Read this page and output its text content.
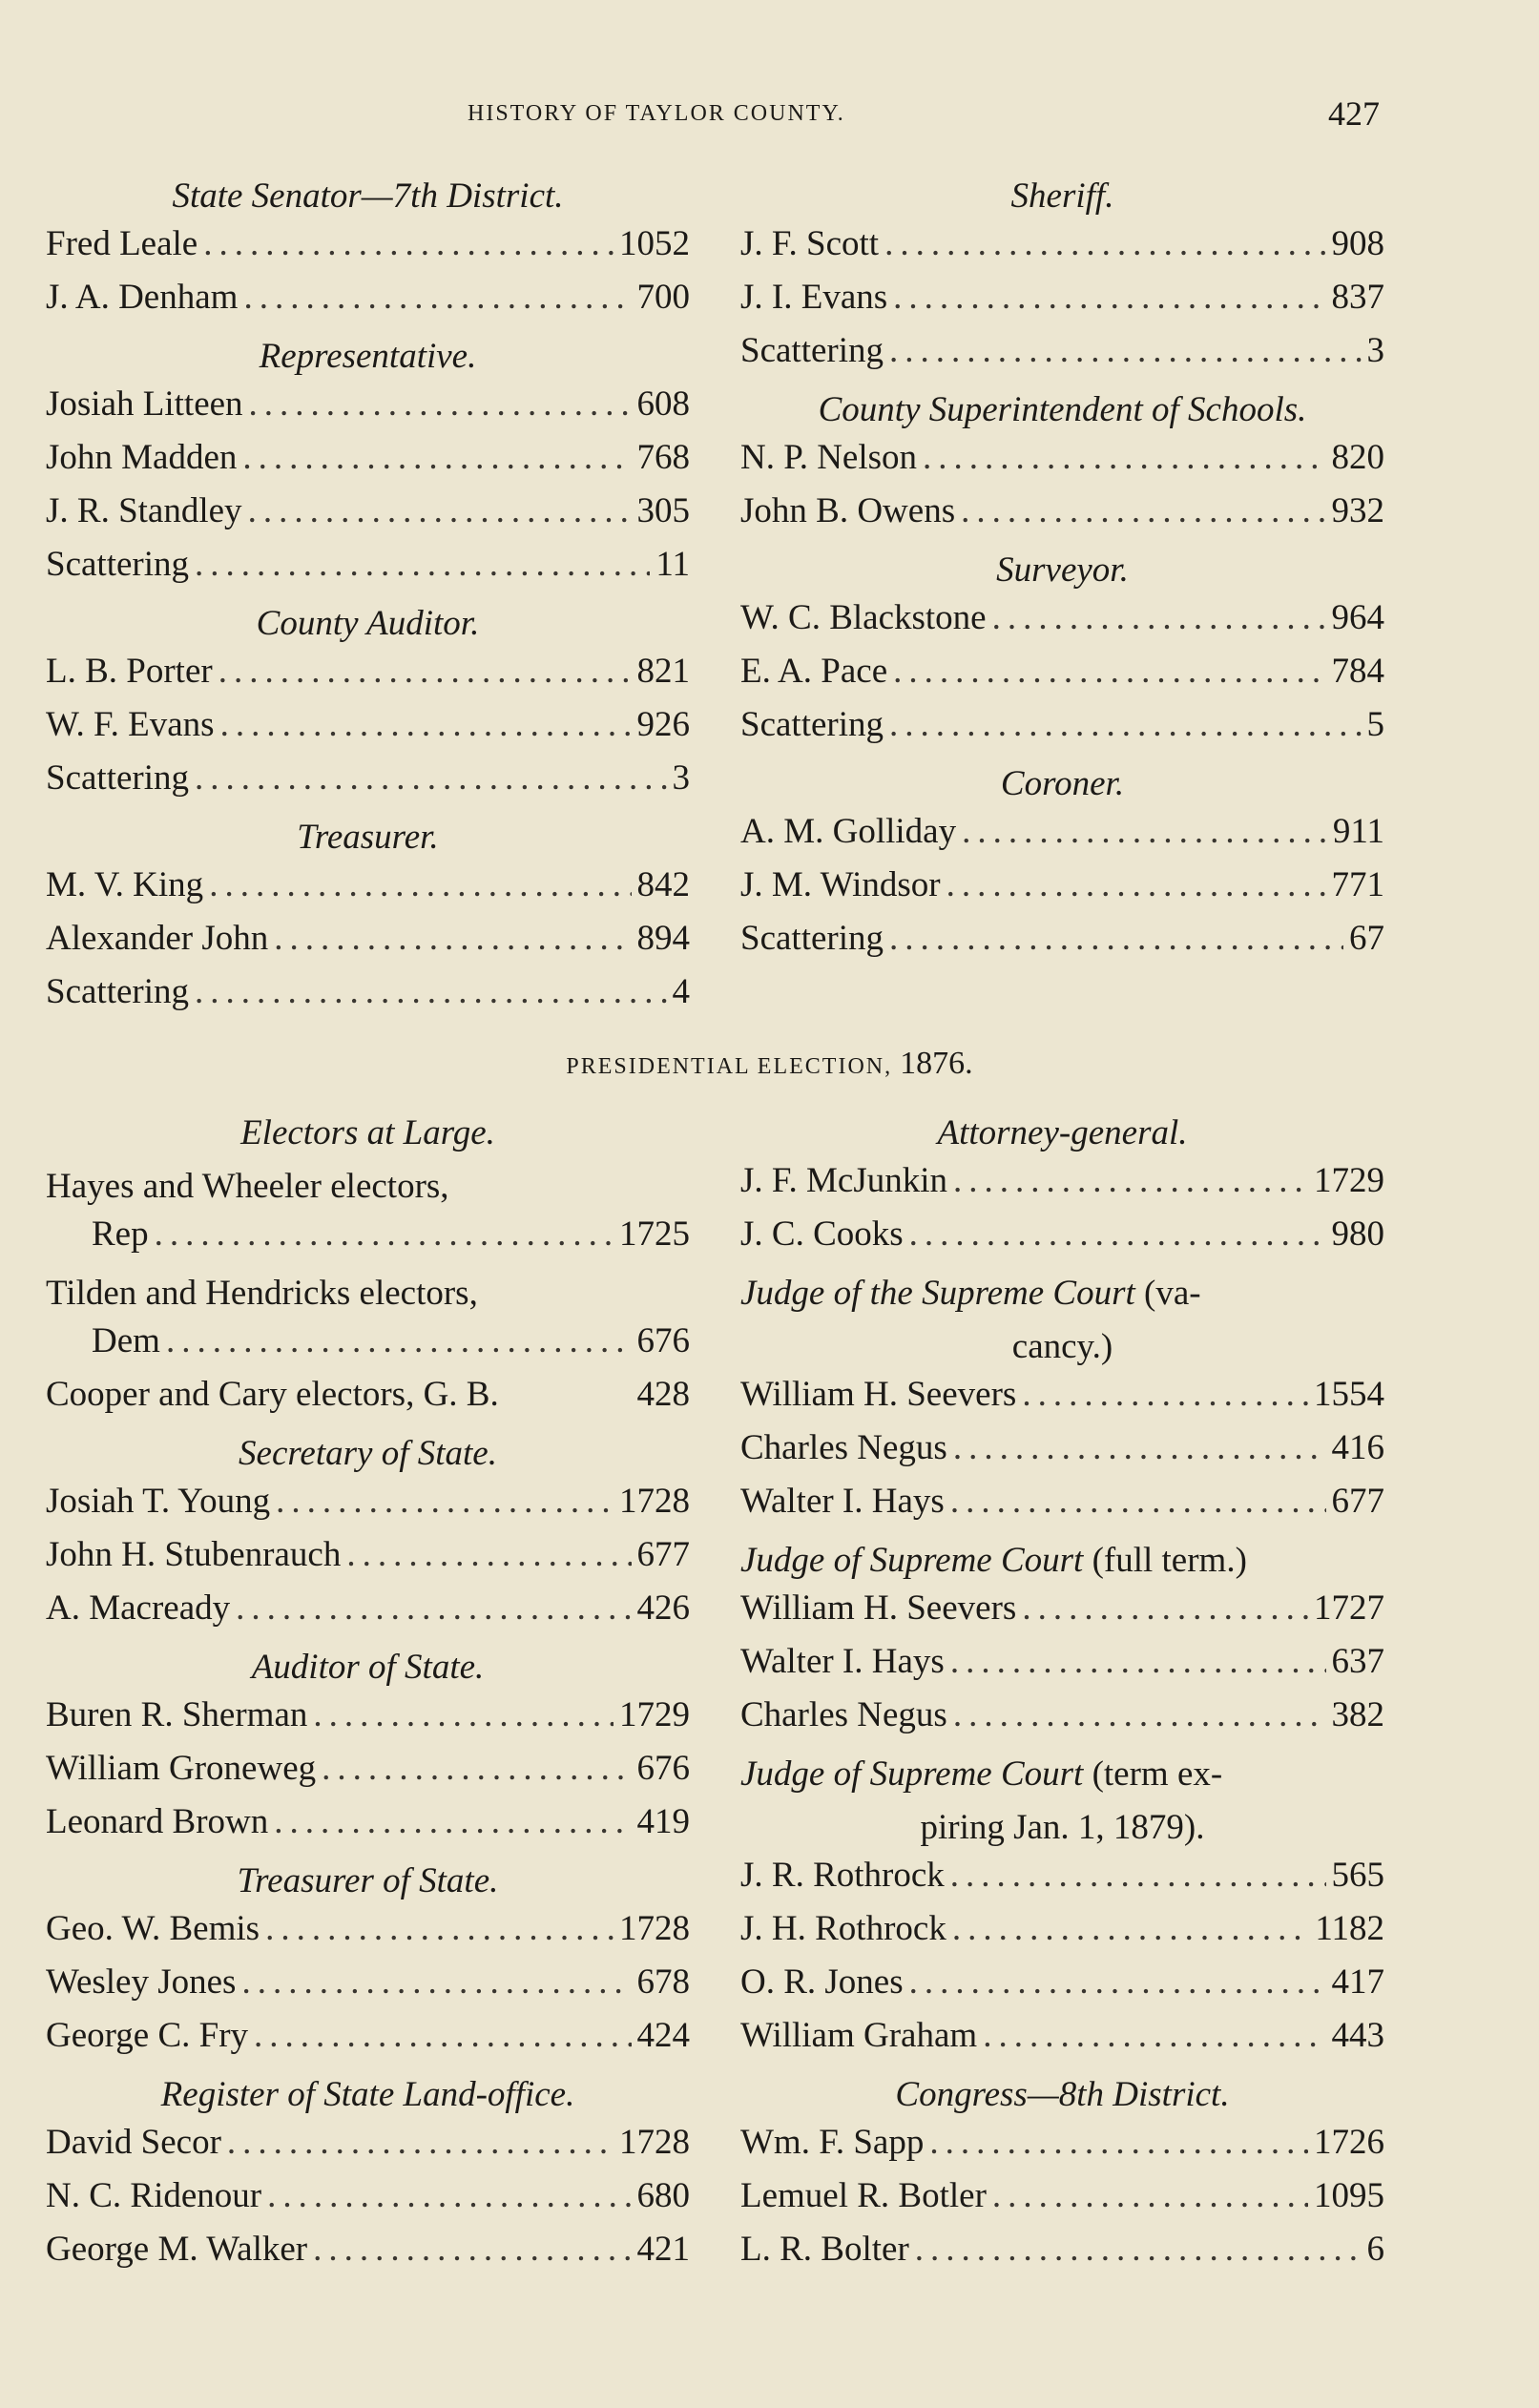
HISTORY OF TAYLOR COUNTY.	427
State Senator—7th District.
Fred Leale .....	1052
J. A. Denham .....	700
Representative.
Josiah Litteen .....	608
John Madden .....	768
J. R. Standley .....	305
Scattering .....	11
County Auditor.
L. B. Porter .....	821
W. F. Evans .....	926
Scattering .....	3
Treasurer.
M. V. King .....	842
Alexander John .....	894
Scattering .....	4
Sheriff.
J. F. Scott .....	908
J. I. Evans .....	837
Scattering .....	3
County Superintendent of Schools.
N. P. Nelson .....	820
John B. Owens .....	932
Surveyor.
W. C. Blackstone .....	964
E. A. Pace .....	784
Scattering .....	5
Coroner.
A. M. Golliday .....	911
J. M. Windsor .....	771
Scattering .....	67
PRESIDENTIAL ELECTION, 1876.
Electors at Large.
Hayes and Wheeler electors,
Rep .....	1725
Tilden and Hendricks electors,
Dem .....	676
Cooper and Cary electors, G. B.	428
Secretary of State.
Josiah T. Young .....	1728
John H. Stubenrauch .....	677
A. Macready .....	426
Auditor of State.
Buren R. Sherman .....	1729
William Groneweg .....	676
Leonard Brown .....	419
Treasurer of State.
Geo. W. Bemis .....	1728
Wesley Jones .....	678
George C. Fry .....	424
Register of State Land-office.
David Secor .....	1728
N. C. Ridenour .....	680
George M. Walker .....	421
Attorney-general.
J. F. McJunkin .....	1729
J. C. Cooks .....	980
Judge of the Supreme Court (va-
cancy.)
William H. Seevers .....	1554
Charles Negus .....	416
Walter I. Hays .....	677
Judge of Supreme Court (full term.)
William H. Seevers .....	1727
Walter I. Hays .....	637
Charles Negus .....	382
Judge of Supreme Court (term ex-
piring Jan. 1, 1879).
J. R. Rothrock .....	565
J. H. Rothrock .....	1182
O. R. Jones .....	417
William Graham .....	443
Congress—8th District.
Wm. F. Sapp .....	1726
Lemuel R. Botler .....	1095
L. R. Bolter .....	6
